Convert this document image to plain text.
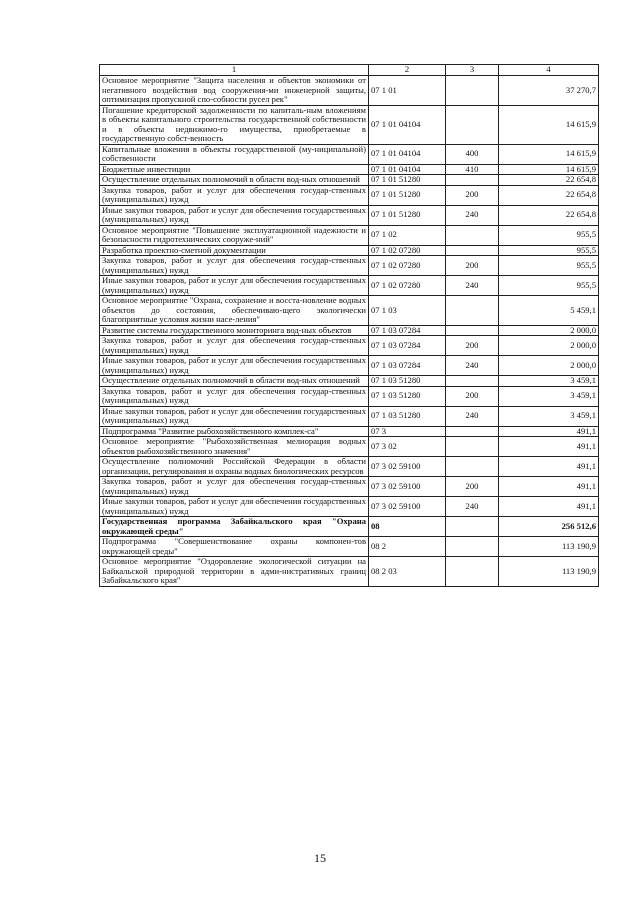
1	2	3	4
Основное мероприятие "Защита населения и объектов экономики от негативного воздействия вод сооружения-ми инженерной защиты, оптимизация пропускной спо-собности русел рек"	07 1 01		37 270,7
Погашение кредиторской задолженности по капиталь-ным вложениям в объекты капитального строительства государственной собственности и в объекты недвижимо-го имущества, приобретаемые в государственную собст-венность	07 1 01 04104		14 615,9
Капитальные вложения в объекты государственной (му-ниципальной) собственности	07 1 01 04104	400	14 615,9
Бюджетные инвестиции	07 1 01 04104	410	14 615,9
Осуществление отдельных полномочий в области вод-ных отношений	07 1 01 51280		22 654,8
Закупка товаров, работ и услуг для обеспечения государ-ственных (муниципальных) нужд	07 1 01 51280	200	22 654,8
Иные закупки товаров, работ и услуг для обеспечения государственных (муниципальных) нужд	07 1 01 51280	240	22 654,8
Основное мероприятие "Повышение эксплуатационной надежности и безопасности гидротехнических сооруже-ний"	07 1 02		955,5
Разработка проектно-сметной документации	07 1 02 07280		955,5
Закупка товаров, работ и услуг для обеспечения государ-ственных (муниципальных) нужд	07 1 02 07280	200	955,5
Иные закупки товаров, работ и услуг для обеспечения государственных (муниципальных) нужд	07 1 02 07280	240	955,5
Основное мероприятие "Охрана, сохранение и восста-новление водных объектов до состояния, обеспечиваю-щего экологически благоприятные условия жизни насе-ления"	07 1 03		5 459,1
Развитие системы государственного мониторинга вод-ных объектов	07 1 03 07284		2 000,0
Закупка товаров, работ и услуг для обеспечения государ-ственных (муниципальных) нужд	07 1 03 07284	200	2 000,0
Иные закупки товаров, работ и услуг для обеспечения государственных (муниципальных) нужд	07 1 03 07284	240	2 000,0
Осуществление отдельных полномочий в области вод-ных отношений	07 1 03 51280		3 459,1
Закупка товаров, работ и услуг для обеспечения государ-ственных (муниципальных) нужд	07 1 03 51280	200	3 459,1
Иные закупки товаров, работ и услуг для обеспечения государственных (муниципальных) нужд	07 1 03 51280	240	3 459,1
Подпрограмма "Развитие рыбохозяйственного комплек-са"	07 3		491,1
Основное мероприятие "Рыбохозяйственная мелиорация водных объектов рыбохозяйственного значения"	07 3 02		491,1
Осуществление полномочий Российской Федерации в области организации, регулирования и охраны водных биологических ресурсов	07 3 02 59100		491,1
Закупка товаров, работ и услуг для обеспечения государ-ственных (муниципальных) нужд	07 3 02 59100	200	491,1
Иные закупки товаров, работ и услуг для обеспечения государственных (муниципальных) нужд	07 3 02 59100	240	491,1
Государственная программа Забайкальского края "Охрана окружающей среды"	08		256 512,6
Подпрограмма "Совершенствование охраны компонен-тов окружающей среды"	08 2		113 190,9
Основное мероприятие "Оздоровление экологической ситуации на Байкальской природной территории в адми-нистративных границ Забайкальского края"	08 2 03		113 190,9
15
